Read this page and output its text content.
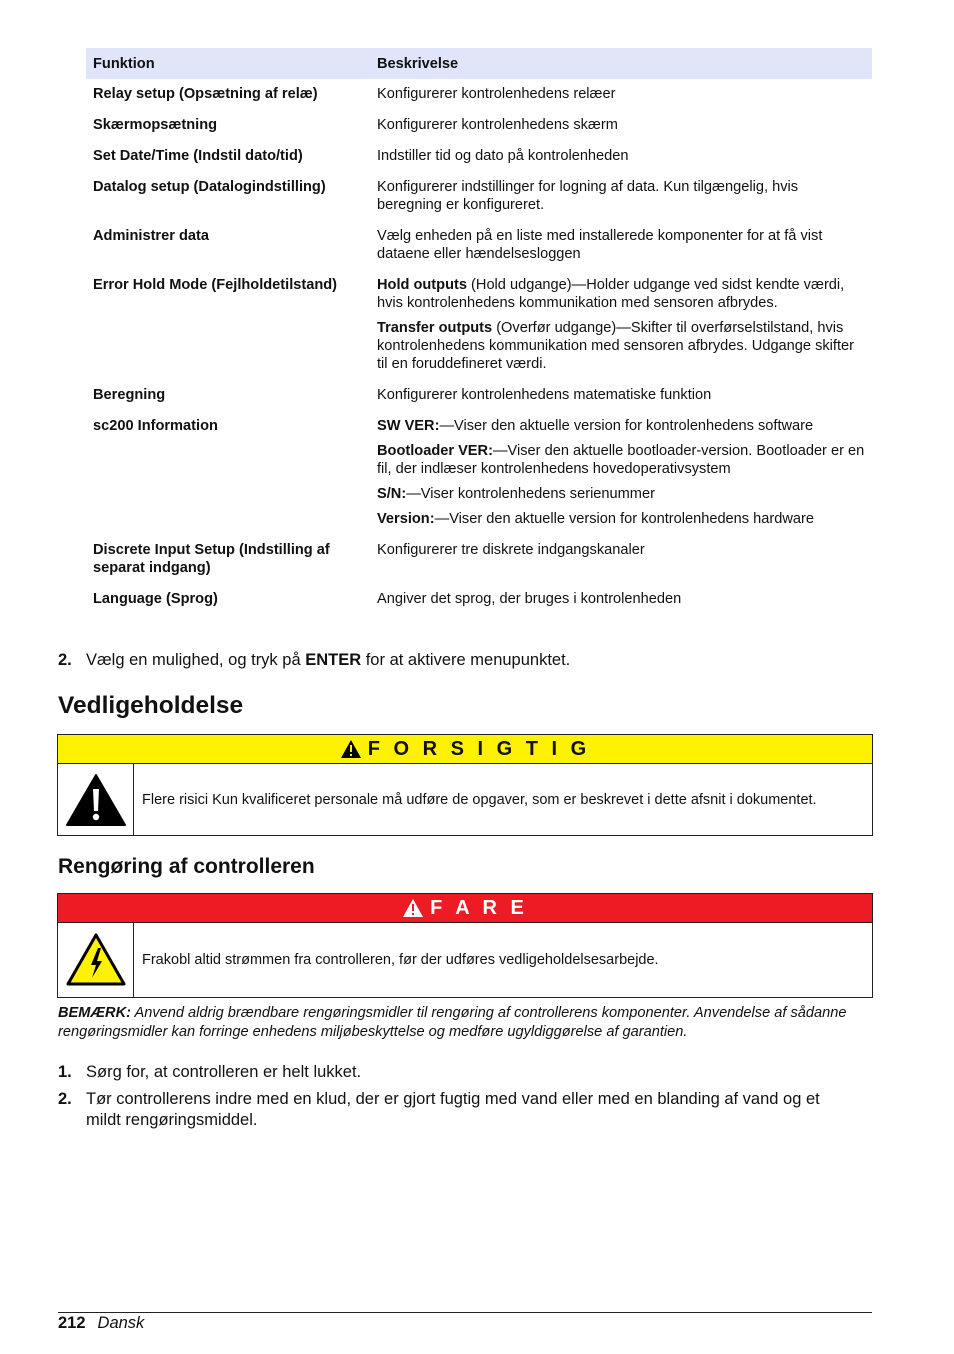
Funktion	Beskrivelse
Relay setup (Opsætning af relæ)	Konfigurerer kontrolenhedens relæer

Skærmopsætning	Konfigurerer kontrolenhedens skærm

Set Date/Time (Indstil dato/tid)	Indstiller tid og dato på kontrolenheden

Datalog setup (Datalogindstilling)	Konfigurerer indstillinger for logning af data. Kun tilgængelig, hvis beregning er konfigureret.

Administrer data	Vælg enheden på en liste med installerede komponenter for at få vist dataene eller hændelsesloggen

Error Hold Mode (Fejlholdetilstand)	Hold outputs (Hold udgange)—Holder udgange ved sidst kendte værdi, hvis kontrolenhedens kommunikation med sensoren afbrydes.
Transfer outputs (Overfør udgange)—Skifter til overførselstilstand, hvis kontrolenhedens kommunikation med sensoren afbrydes. Udgange skifter til en foruddefineret værdi.

Beregning	Konfigurerer kontrolenhedens matematiske funktion

sc200 Information	SW VER:—Viser den aktuelle version for kontrolenhedens software
Bootloader VER:—Viser den aktuelle bootloader-version. Bootloader er en fil, der indlæser kontrolenhedens hovedoperativsystem
S/N:—Viser kontrolenhedens serienummer
Version:—Viser den aktuelle version for kontrolenhedens hardware

Discrete Input Setup (Indstilling af separat indgang)	Konfigurerer tre diskrete indgangskanaler

Language (Sprog)	Angiver det sprog, der bruges i kontrolenheden
2. Vælg en mulighed, og tryk på ENTER for at aktivere menupunktet.
Vedligeholdelse
F O R S I G T I G
Flere risici Kun kvalificeret personale må udføre de opgaver, som er beskrevet i dette afsnit i dokumentet.
Rengøring af controlleren
F A R E
Frakobl altid strømmen fra controlleren, før der udføres vedligeholdelsesarbejde.
BEMÆRK: Anvend aldrig brændbare rengøringsmidler til rengøring af controllerens komponenter. Anvendelse af sådanne rengøringsmidler kan forringe enhedens miljøbeskyttelse og medføre ugyldiggørelse af garantien.
1. Sørg for, at controlleren er helt lukket.
2. Tør controllerens indre med en klud, der er gjort fugtig med vand eller med en blanding af vand og et mildt rengøringsmiddel.
212 Dansk
